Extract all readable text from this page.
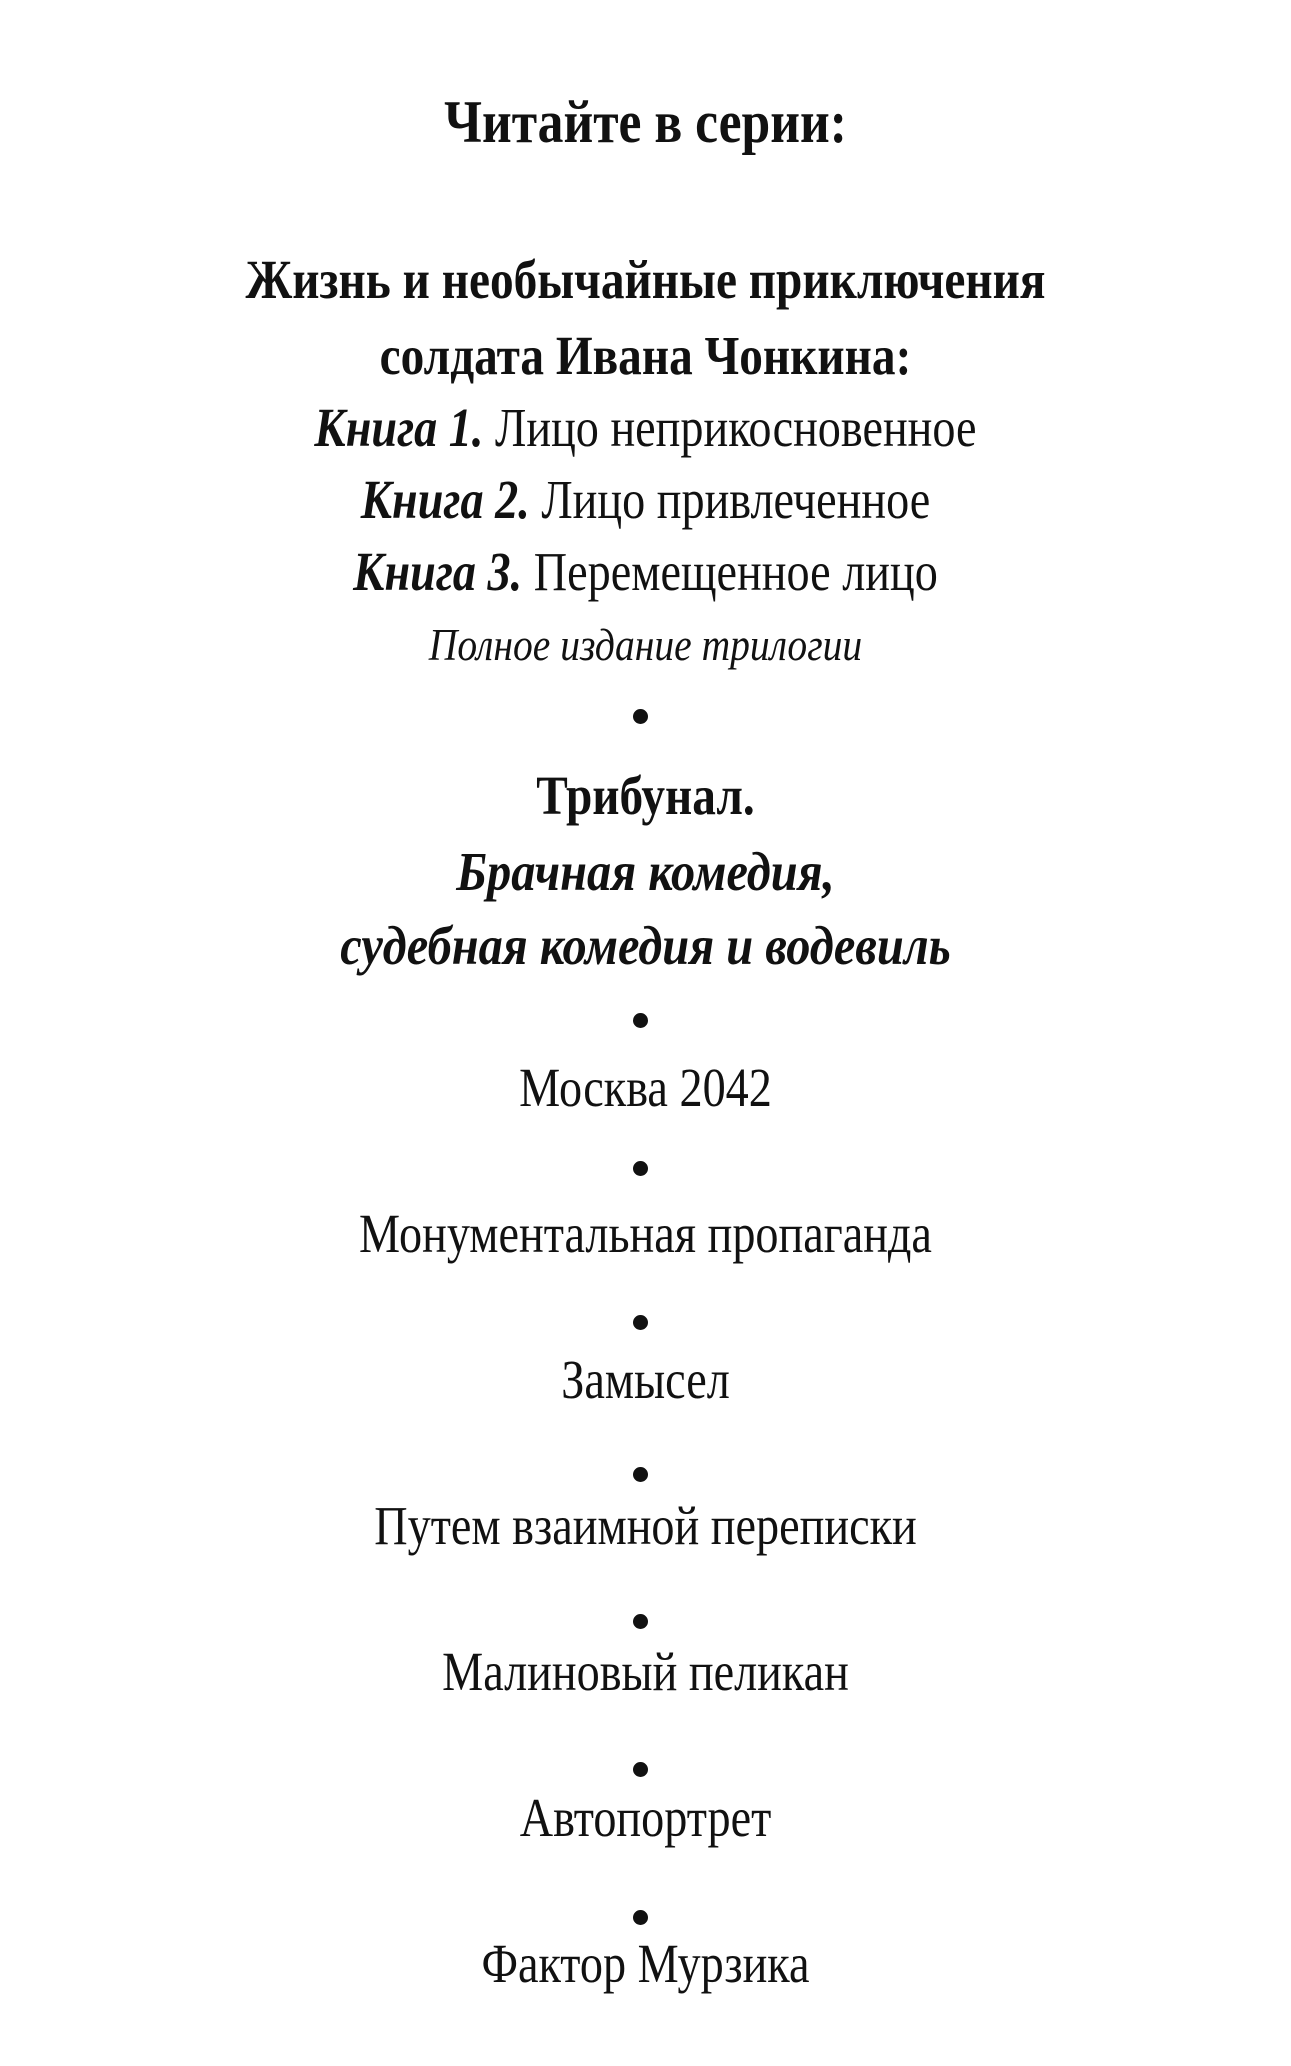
Читайте в серии:
Жизнь и необычайные приключения
солдата Ивана Чонкина:
Книга 1. Лицо неприкосновенное
Книга 2. Лицо привлеченное
Книга 3. Перемещенное лицо
Полное издание трилогии
Трибунал.
Брачная комедия,
судебная комедия и водевиль
Москва 2042
Монументальная пропаганда
Замысел
Путем взаимной переписки
Малиновый пеликан
Автопортрет
Фактор Мурзика
